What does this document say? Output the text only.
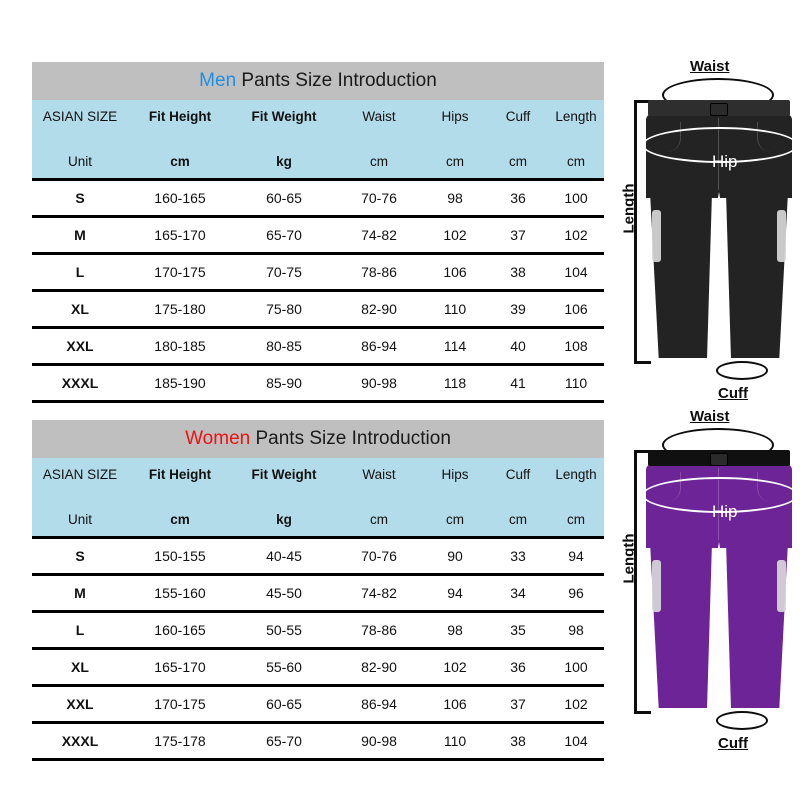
Men Pants Size Introduction
ASIAN SIZE	Fit Height	Fit Weight	Waist	Hips	Cuff	Length
Unit	cm	kg	cm	cm	cm	cm
S	160-165	60-65	70-76	98	36	100
M	165-170	65-70	74-82	102	37	102
L	170-175	70-75	78-86	106	38	104
XL	175-180	75-80	82-90	110	39	106
XXL	180-185	80-85	86-94	114	40	108
XXXL	185-190	85-90	90-98	118	41	110
Women Pants Size Introduction
ASIAN SIZE	Fit Height	Fit Weight	Waist	Hips	Cuff	Length
Unit	cm	kg	cm	cm	cm	cm
S	150-155	40-45	70-76	90	33	94
M	155-160	45-50	74-82	94	34	96
L	160-165	50-55	78-86	98	35	98
XL	165-170	55-60	82-90	102	36	100
XXL	170-175	60-65	86-94	106	37	102
XXXL	175-178	65-70	90-98	110	38	104
Waist
Length
Hip
Cuff
Waist
Length
Hip
Cuff
